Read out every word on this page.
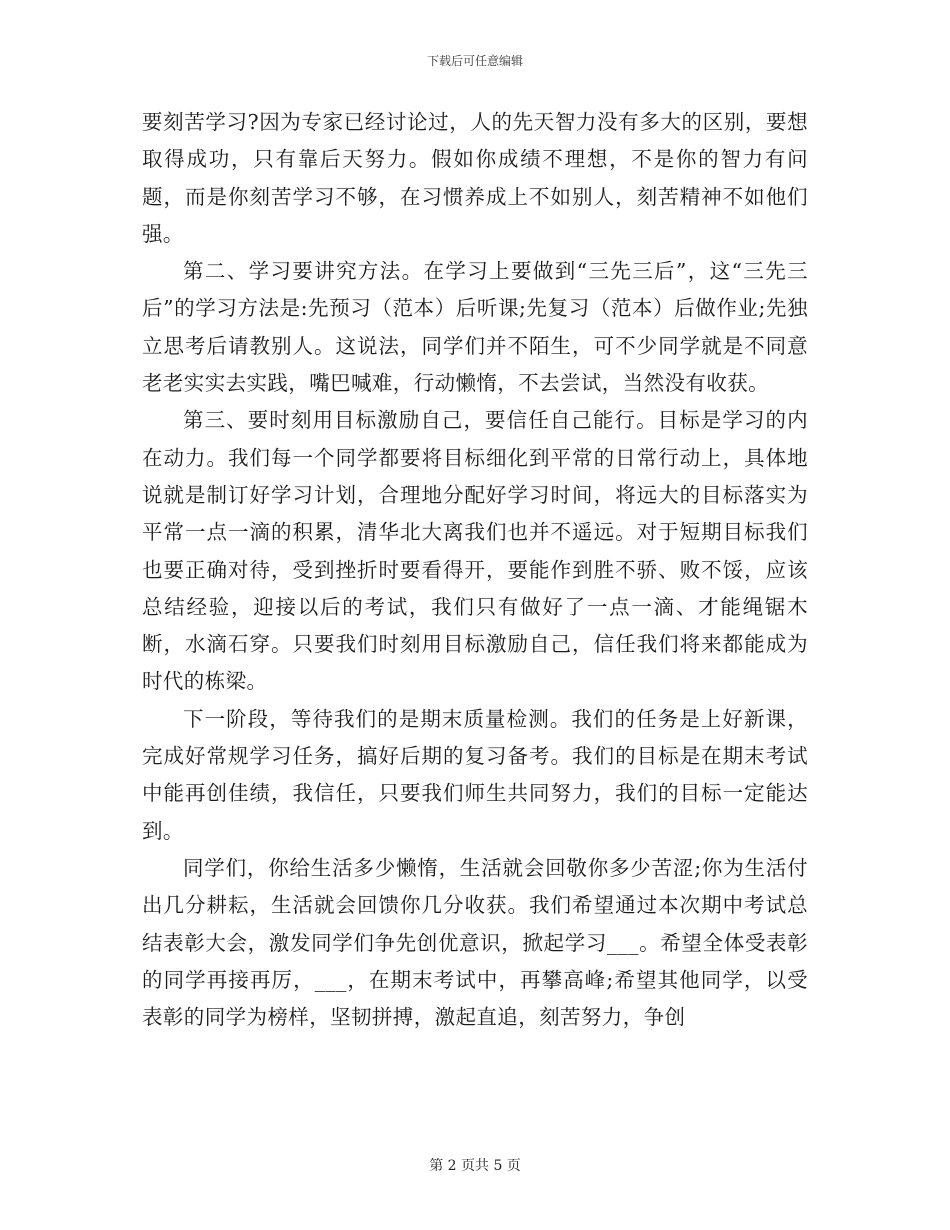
下载后可任意编辑

要刻苦学习?因为专家已经讨论过，人的先天智力没有多大的区别，要想取得成功，只有靠后天努力。假如你成绩不理想，不是你的智力有问题，而是你刻苦学习不够，在习惯养成上不如别人，刻苦精神不如他们强。

第二、学习要讲究方法。在学习上要做到“三先三后”，这“三先三后”的学习方法是:先预习（范本）后听课;先复习（范本）后做作业;先独立思考后请教别人。这说法，同学们并不陌生，可不少同学就是不同意老老实实去实践，嘴巴喊难，行动懒惰，不去尝试，当然没有收获。

第三、要时刻用目标激励自己，要信任自己能行。目标是学习的内在动力。我们每一个同学都要将目标细化到平常的日常行动上，具体地说就是制订好学习计划，合理地分配好学习时间，将远大的目标落实为平常一点一滴的积累，清华北大离我们也并不遥远。对于短期目标我们也要正确对待，受到挫折时要看得开，要能作到胜不骄、败不馁，应该总结经验，迎接以后的考试，我们只有做好了一点一滴、才能绳锯木断，水滴石穿。只要我们时刻用目标激励自己，信任我们将来都能成为时代的栋梁。

下一阶段，等待我们的是期末质量检测。我们的任务是上好新课，完成好常规学习任务，搞好后期的复习备考。我们的目标是在期末考试中能再创佳绩，我信任，只要我们师生共同努力，我们的目标一定能达到。

同学们，你给生活多少懒惰，生活就会回敬你多少苦涩;你为生活付出几分耕耘，生活就会回馈你几分收获。我们希望通过本次期中考试总结表彰大会，激发同学们争先创优意识，掀起学习___。希望全体受表彰的同学再接再厉，___，在期末考试中，再攀高峰;希望其他同学，以受表彰的同学为榜样，坚韧拼搏，激起直追，刻苦努力，争创

第 2 页共 5 页
